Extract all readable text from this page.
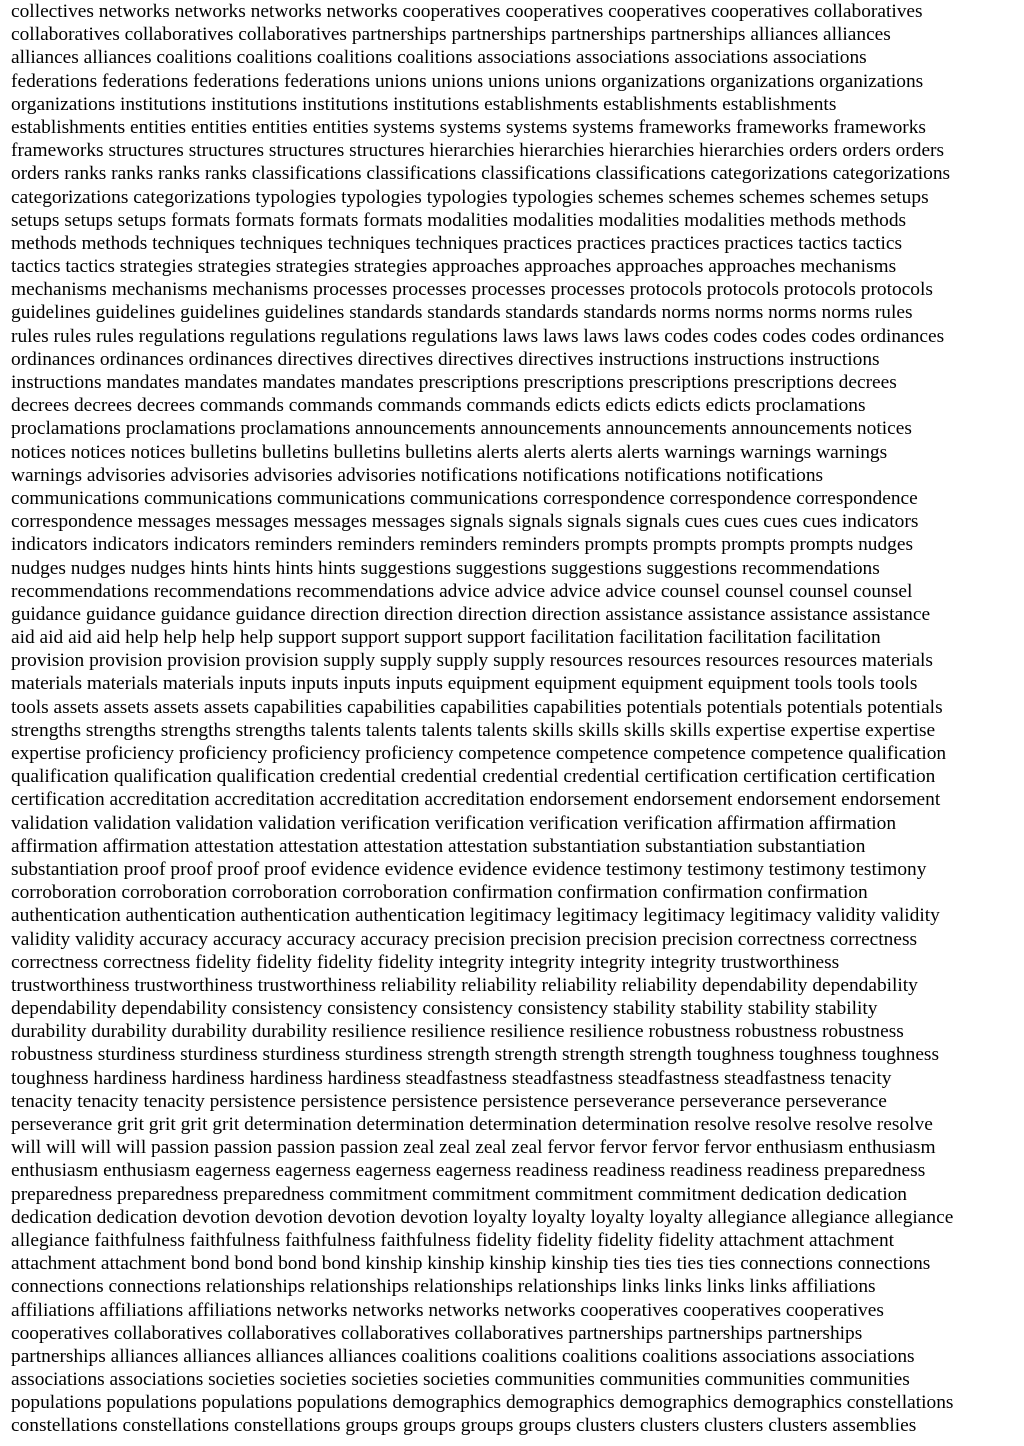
collectives networks networks networks networks cooperatives cooperatives cooperatives cooperatives collaboratives
collaboratives collaboratives collaboratives partnerships partnerships partnerships partnerships alliances alliances
alliances alliances coalitions coalitions coalitions coalitions associations associations associations associations
federations federations federations federations unions unions unions unions organizations organizations organizations
organizations institutions institutions institutions institutions establishments establishments establishments
establishments entities entities entities entities systems systems systems systems frameworks frameworks frameworks
frameworks structures structures structures structures hierarchies hierarchies hierarchies hierarchies orders orders orders
orders ranks ranks ranks ranks classifications classifications classifications classifications categorizations categorizations
categorizations categorizations typologies typologies typologies typologies schemes schemes schemes schemes setups
setups setups setups formats formats formats formats modalities modalities modalities modalities methods methods
methods methods techniques techniques techniques techniques practices practices practices practices tactics tactics
tactics tactics strategies strategies strategies strategies approaches approaches approaches approaches mechanisms
mechanisms mechanisms mechanisms processes processes processes processes protocols protocols protocols protocols
guidelines guidelines guidelines guidelines standards standards standards standards norms norms norms norms rules
rules rules rules regulations regulations regulations regulations laws laws laws laws codes codes codes codes ordinances
ordinances ordinances ordinances directives directives directives directives instructions instructions instructions
instructions mandates mandates mandates mandates prescriptions prescriptions prescriptions prescriptions decrees
decrees decrees decrees commands commands commands commands edicts edicts edicts edicts proclamations
proclamations proclamations proclamations announcements announcements announcements announcements notices
notices notices notices bulletins bulletins bulletins bulletins alerts alerts alerts alerts warnings warnings warnings
warnings advisories advisories advisories advisories notifications notifications notifications notifications
communications communications communications communications correspondence correspondence correspondence
correspondence messages messages messages messages signals signals signals signals cues cues cues cues indicators
indicators indicators indicators reminders reminders reminders reminders prompts prompts prompts prompts nudges
nudges nudges nudges hints hints hints hints suggestions suggestions suggestions suggestions recommendations
recommendations recommendations recommendations advice advice advice advice counsel counsel counsel counsel
guidance guidance guidance guidance direction direction direction direction assistance assistance assistance assistance
aid aid aid aid help help help help support support support support facilitation facilitation facilitation facilitation
provision provision provision provision supply supply supply supply resources resources resources resources materials
materials materials materials inputs inputs inputs inputs equipment equipment equipment equipment tools tools tools
tools assets assets assets assets capabilities capabilities capabilities capabilities potentials potentials potentials potentials
strengths strengths strengths strengths talents talents talents talents skills skills skills skills expertise expertise expertise
expertise proficiency proficiency proficiency proficiency competence competence competence competence qualification
qualification qualification qualification credential credential credential credential certification certification certification
certification accreditation accreditation accreditation accreditation endorsement endorsement endorsement endorsement
validation validation validation validation verification verification verification verification affirmation affirmation
affirmation affirmation attestation attestation attestation attestation substantiation substantiation substantiation
substantiation proof proof proof proof evidence evidence evidence evidence testimony testimony testimony testimony
corroboration corroboration corroboration corroboration confirmation confirmation confirmation confirmation
authentication authentication authentication authentication legitimacy legitimacy legitimacy legitimacy validity validity
validity validity accuracy accuracy accuracy accuracy precision precision precision precision correctness correctness
correctness correctness fidelity fidelity fidelity fidelity integrity integrity integrity integrity trustworthiness
trustworthiness trustworthiness trustworthiness reliability reliability reliability reliability dependability dependability
dependability dependability consistency consistency consistency consistency stability stability stability stability
durability durability durability durability resilience resilience resilience resilience robustness robustness robustness
robustness sturdiness sturdiness sturdiness sturdiness strength strength strength strength toughness toughness toughness
toughness hardiness hardiness hardiness hardiness steadfastness steadfastness steadfastness steadfastness tenacity
tenacity tenacity tenacity persistence persistence persistence persistence perseverance perseverance perseverance
perseverance grit grit grit grit determination determination determination determination resolve resolve resolve resolve
will will will will passion passion passion passion zeal zeal zeal zeal fervor fervor fervor fervor enthusiasm enthusiasm
enthusiasm enthusiasm eagerness eagerness eagerness eagerness readiness readiness readiness readiness preparedness
preparedness preparedness preparedness commitment commitment commitment commitment dedication dedication
dedication dedication devotion devotion devotion devotion loyalty loyalty loyalty loyalty allegiance allegiance allegiance
allegiance faithfulness faithfulness faithfulness faithfulness fidelity fidelity fidelity fidelity attachment attachment
attachment attachment bond bond bond bond kinship kinship kinship kinship ties ties ties ties connections connections
connections connections relationships relationships relationships relationships links links links links affiliations
affiliations affiliations affiliations networks networks networks networks cooperatives cooperatives cooperatives
cooperatives collaboratives collaboratives collaboratives collaboratives partnerships partnerships partnerships
partnerships alliances alliances alliances alliances coalitions coalitions coalitions coalitions associations associations
associations associations societies societies societies societies communities communities communities communities
populations populations populations populations demographics demographics demographics demographics constellations
constellations constellations constellations groups groups groups groups clusters clusters clusters clusters assemblies
